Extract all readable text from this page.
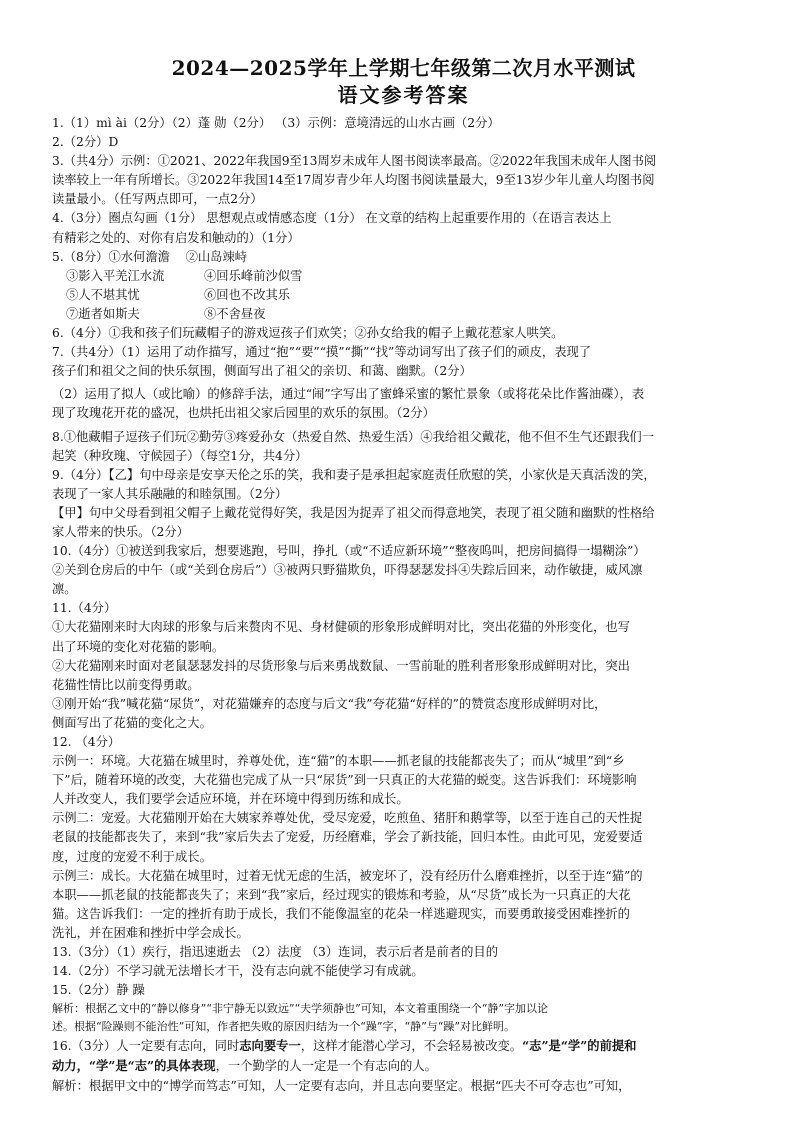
2024—2025学年上学期七年级第二次月水平测试
语文参考答案

1.（1）mì ài（2分）（2）蓬 勋（2分） （3）示例：意境清远的山水古画（2分）

2.（2分）D

3.（共4分）示例：①2021、2022年我国9至13周岁未成年人图书阅读率最高。②2022年我国未成年人图书阅

读率较上一年有所增长。③2022年我国14至17周岁青少年人均图书阅读量最大，9至13岁少年儿童人均图书阅

读量最小。（任写两点即可，一点2分）

4.（3分）圈点勾画（1分） 思想观点或情感态度（1分） 在文章的结构上起重要作用的（在语言表达上

有精彩之处的、对你有启发和触动的）（1分）

5.（8分）①水何澹澹 ②山岛竦峙

③影入平羌江水流	④回乐峰前沙似雪

⑤人不堪其忧	⑥回也不改其乐

⑦逝者如斯夫	⑧不舍昼夜

6.（4分）①我和孩子们玩藏帽子的游戏逗孩子们欢笑；②孙女给我的帽子上戴花惹家人哄笑。

7.（共4分）（1）运用了动作描写，通过“抱”“要”“摸”“撕”“找”等动词写出了孩子们的顽皮，表现了

孩子们和祖父之间的快乐氛围，侧面写出了祖父的亲切、和蔼、幽默。（2分）

（2）运用了拟人（或比喻）的修辞手法，通过“闹”字写出了蜜蜂采蜜的繁忙景象（或将花朵比作酱油碟），表

现了玫瑰花开花的盛况，也烘托出祖父家后园里的欢乐的氛围。（2分）

8.①他藏帽子逗孩子们玩②勤劳③疼爱孙女（热爱自然、热爱生活）④我给祖父戴花，他不但不生气还跟我们一

起笑（种玫瑰、守候园子）（每空1分，共4分）

9.（4分）【乙】句中母亲是安享天伦之乐的笑，我和妻子是承担起家庭责任欣慰的笑，小家伙是天真活泼的笑，

表现了一家人其乐融融的和睦氛围。（2分）

【甲】句中父母看到祖父帽子上戴花觉得好笑，我是因为捉弄了祖父而得意地笑，表现了祖父随和幽默的性格给

家人带来的快乐。（2分）

10.（4分）①被送到我家后，想要逃跑，号叫，挣扎（或“不适应新环境”“整夜呜叫，把房间搞得一塌糊涂”）

②关到仓房后的中午（或“关到仓房后”）③被两只野猫欺负，吓得瑟瑟发抖④失踪后回来，动作敏捷，威风凛

凛。

11.（4分）

①大花猫刚来时大肉球的形象与后来赘肉不见、身材健硕的形象形成鲜明对比，突出花猫的外形变化，也写

出了环境的变化对花猫的影响。

②大花猫刚来时面对老鼠瑟瑟发抖的尽货形象与后来勇战数鼠、一雪前耻的胜利者形象形成鲜明对比，突出

花猫性情比以前变得勇敢。

③刚开始“我”喊花猫“尿货”，对花猫嫌弃的态度与后文“我”夸花猫“好样的”的赞赏态度形成鲜明对比，

侧面写出了花猫的变化之大。

12. （4分）

示例一：环境。大花猫在城里时，养尊处优，连“猫”的本职——抓老鼠的技能都丧失了；而从“城里”到“乡

下”后，随着环境的改变，大花猫也完成了从一只“尿货”到一只真正的大花猫的蜕变。这告诉我们：环境影响

人并改变人，我们要学会适应环境，并在环境中得到历练和成长。

示例二：宠爱。大花猫刚开始在大姨家养尊处优，受尽宠爱，吃煎鱼、猪肝和鹅掌等，以至于连自己的天性捉

老鼠的技能都丧失了，来到“我”家后失去了宠爱，历经磨难，学会了新技能，回归本性。由此可见，宠爱要适

度，过度的宠爱不利于成长。

示例三：成长。大花猫在城里时，过着无忧无虑的生活，被宠坏了，没有经历什么磨难挫折，以至于连“猫”的

本职——抓老鼠的技能都丧失了；来到“我”家后，经过现实的锻炼和考验，从“尽货”成长为一只真正的大花

猫。这告诉我们：一定的挫折有助于成长，我们不能像温室的花朵一样逃避现实，而要勇敢接受困难挫折的

洗礼，并在困难和挫折中学会成长。

13.（3分）（1）疾行，指迅速逝去 （2）法度 （3）连词，表示后者是前者的目的

14.（2分）不学习就无法增长才干，没有志向就不能使学习有成就。

15.（2分）静 躁

解析：根据乙文中的“静以修身”“非宁静无以致远”“夫学须静也”可知，本文着重围绕一个“静”字加以论

述。根据“险躁则不能治性”可知，作者把失败的原因归结为一个“躁”字，“静”与“躁”对比鲜明。

16.（3分）人一定要有志向，同时志向要专一，这样才能潜心学习，不会轻易被改变。“志”是“学”的前提和

动力，“学”是“志”的具体表现，一个勤学的人一定是一个有志向的人。

解析：根据甲文中的“博学而笃志”可知，人一定要有志向，并且志向要坚定。根据“匹夫不可夺志也”可知，
